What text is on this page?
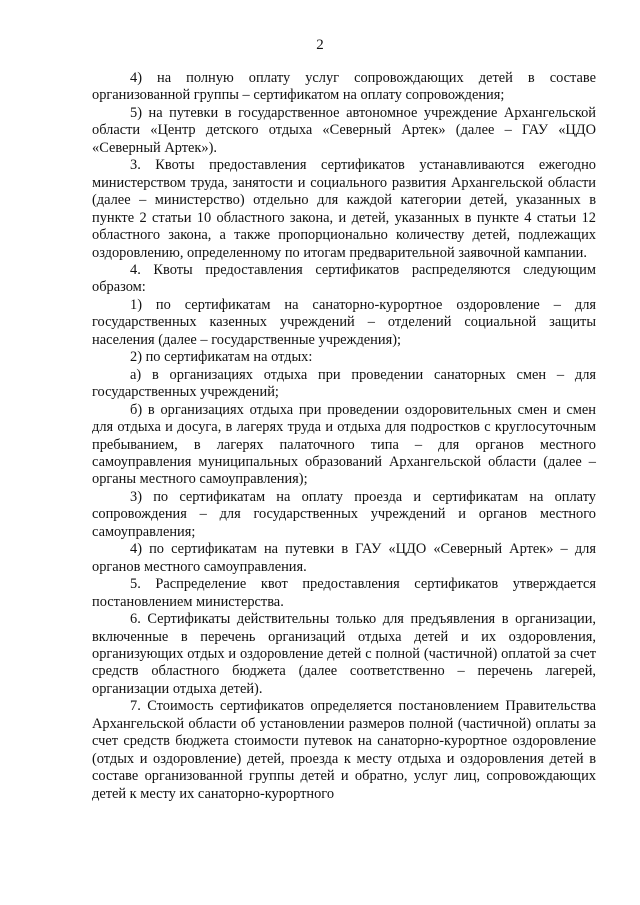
2

4) на полную оплату услуг сопровождающих детей в составе организованной группы – сертификатом на оплату сопровождения;

5) на путевки в государственное автономное учреждение Архангельской области «Центр детского отдыха «Северный Артек» (далее – ГАУ «ЦДО «Северный Артек»).

3. Квоты предоставления сертификатов устанавливаются ежегодно министерством труда, занятости и социального развития Архангельской области (далее – министерство) отдельно для каждой категории детей, указанных в пункте 2 статьи 10 областного закона, и детей, указанных в пункте 4 статьи 12 областного закона, а также пропорционально количеству детей, подлежащих оздоровлению, определенному по итогам предварительной заявочной кампании.

4. Квоты предоставления сертификатов распределяются следующим образом:

1) по сертификатам на санаторно-курортное оздоровление – для государственных казенных учреждений – отделений социальной защиты населения (далее – государственные учреждения);

2) по сертификатам на отдых:

а) в организациях отдыха при проведении санаторных смен – для государственных учреждений;

б) в организациях отдыха при проведении оздоровительных смен и смен для отдыха и досуга, в лагерях труда и отдыха для подростков с круглосуточным пребыванием, в лагерях палаточного типа – для органов местного самоуправления муниципальных образований Архангельской области (далее – органы местного самоуправления);

3) по сертификатам на оплату проезда и сертификатам на оплату сопровождения – для государственных учреждений и органов местного самоуправления;

4) по сертификатам на путевки в ГАУ «ЦДО «Северный Артек» – для органов местного самоуправления.

5. Распределение квот предоставления сертификатов утверждается постановлением министерства.

6. Сертификаты действительны только для предъявления в организации, включенные в перечень организаций отдыха детей и их оздоровления, организующих отдых и оздоровление детей с полной (частичной) оплатой за счет средств областного бюджета (далее соответственно – перечень лагерей, организации отдыха детей).

7. Стоимость сертификатов определяется постановлением Правительства Архангельской области об установлении размеров полной (частичной) оплаты за счет средств бюджета стоимости путевок на санаторно-курортное оздоровление (отдых и оздоровление) детей, проезда к месту отдыха и оздоровления детей в составе организованной группы детей и обратно, услуг лиц, сопровождающих детей к месту их санаторно-курортного
